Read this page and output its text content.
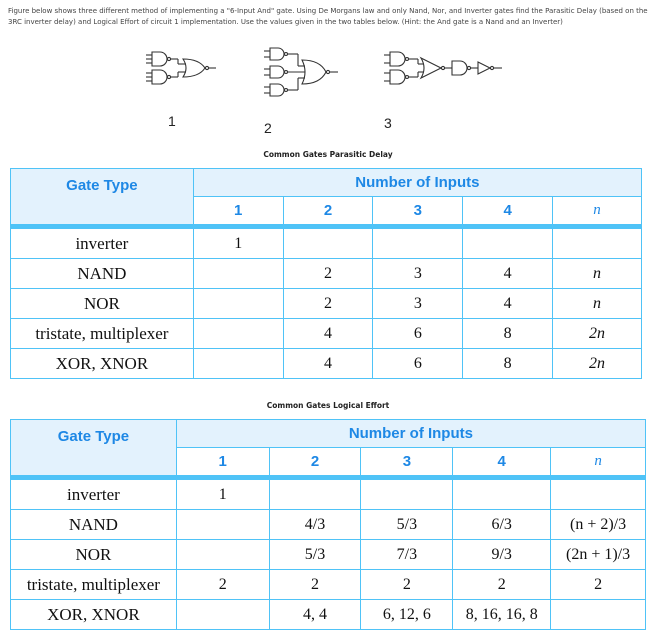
Figure below shows three different method of implementing a "6-Input And" gate. Using De Morgans law and only Nand, Nor, and Inverter gates find the Parasitic Delay (based on the 3RC inverter delay) and Logical Effort of circuit 1 implementation. Use the values given in the two tables below. (Hint: the And gate is a Nand and an Inverter)
1	2	3
Common Gates Parasitic Delay
Gate Type	Number of Inputs				
	1	2	3	4	n

inverter	1				
NAND		2	3	4	n
NOR		2	3	4	n
tristate, multiplexer		4	6	8	2n
XOR, XNOR		4	6	8	2n
Common Gates Logical Effort
Gate Type	Number of Inputs				
	1	2	3	4	n

inverter	1				
NAND		4/3	5/3	6/3	(n + 2)/3
NOR		5/3	7/3	9/3	(2n + 1)/3
tristate, multiplexer	2	2	2	2	2
XOR, XNOR		4, 4	6, 12, 6	8, 16, 16, 8	
